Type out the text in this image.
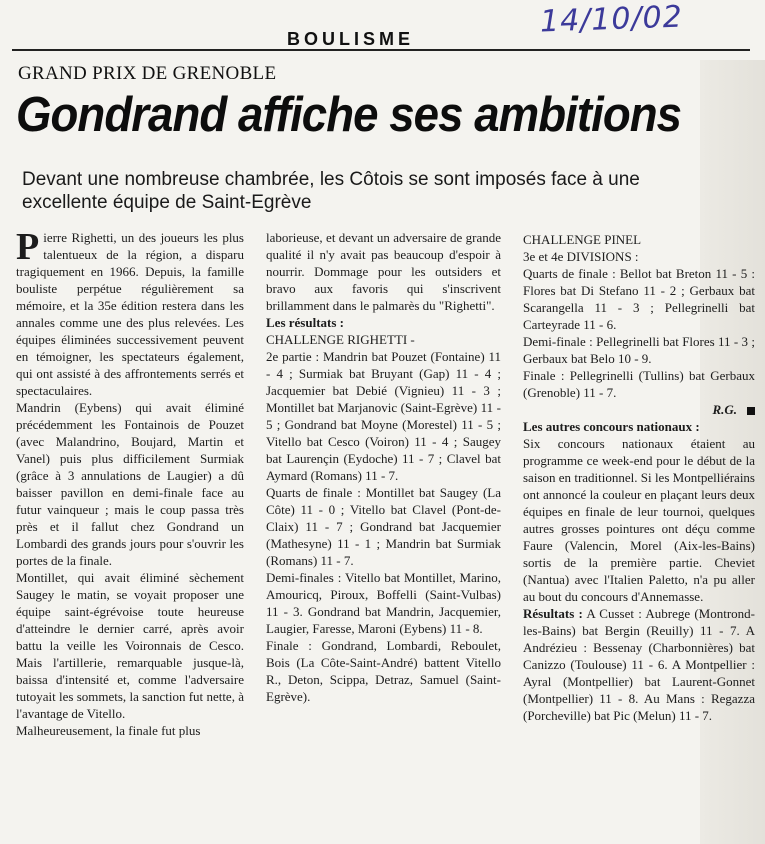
14/10/02
BOULISME
GRAND PRIX DE GRENOBLE
Gondrand affiche ses ambitions
Devant une nombreuse chambrée, les Côtois se sont imposés face à une excellente équipe de Saint-Egrève

Pierre Righetti, un des joueurs les plus talentueux de la région, a disparu tragiquement en 1966. Depuis, la famille bouliste perpétue régulièrement sa mémoire, et la 35e édition restera dans les annales comme une des plus relevées. Les équipes éliminées successivement peuvent en témoigner, les spectateurs également, qui ont assisté à des affrontements serrés et spectaculaires.

Mandrin (Eybens) qui avait éliminé précédemment les Fontainois de Pouzet (avec Malandrino, Boujard, Martin et Vanel) puis plus difficilement Surmiak (grâce à 3 annulations de Laugier) a dû baisser pavillon en demi-finale face au futur vainqueur ; mais le coup passa très près et il fallut chez Gondrand un Lombardi des grands jours pour s'ouvrir les portes de la finale.

Montillet, qui avait éliminé sèchement Saugey le matin, se voyait proposer une équipe saint-égrévoise toute heureuse d'atteindre le dernier carré, après avoir battu la veille les Voironnais de Cesco. Mais l'artillerie, remarquable jusque-là, baissa d'intensité et, comme l'adversaire tutoyait les sommets, la sanction fut nette, à l'avantage de Vitello.

Malheureusement, la finale fut plus

laborieuse, et devant un adversaire de grande qualité il n'y avait pas beaucoup d'espoir à nourrir. Dommage pour les outsiders et bravo aux favoris qui s'inscrivent brillamment dans le palmarès du "Righetti".

Les résultats :

CHALLENGE RIGHETTI -

2e partie : Mandrin bat Pouzet (Fontaine) 11 - 4 ; Surmiak bat Bruyant (Gap) 11 - 4 ; Jacquemier bat Debié (Vignieu) 11 - 3 ; Montillet bat Marjanovic (Saint-Egrève) 11 - 5 ; Gondrand bat Moyne (Morestel) 11 - 5 ; Vitello bat Cesco (Voiron) 11 - 4 ; Saugey bat Laurençin (Eydoche) 11 - 7 ; Clavel bat Aymard (Romans) 11 - 7.

Quarts de finale : Montillet bat Saugey (La Côte) 11 - 0 ; Vitello bat Clavel (Pont-de-Claix) 11 - 7 ; Gondrand bat Jacquemier (Mathesyne) 11 - 1 ; Mandrin bat Surmiak (Romans) 11 - 7.

Demi-finales : Vitello bat Montillet, Marino, Amouricq, Piroux, Boffelli (Saint-Vulbas) 11 - 3. Gondrand bat Mandrin, Jacquemier, Laugier, Faresse, Maroni (Eybens) 11 - 8.

Finale : Gondrand, Lombardi, Reboulet, Bois (La Côte-Saint-André) battent Vitello R., Deton, Scippa, Detraz, Samuel (Saint-Egrève).

CHALLENGE PINEL

3e et 4e DIVISIONS :

Quarts de finale : Bellot bat Breton 11 - 5 : Flores bat Di Stefano 11 - 2 ; Gerbaux bat Scarangella 11 - 3 ; Pellegrinelli bat Carteyrade 11 - 6.

Demi-finale : Pellegrinelli bat Flores 11 - 3 ; Gerbaux bat Belo 10 - 9.

Finale : Pellegrinelli (Tullins) bat Gerbaux (Grenoble) 11 - 7.

R.G.

Les autres concours nationaux :

Six concours nationaux étaient au programme ce week-end pour le début de la saison en traditionnel. Si les Montpelliérains ont annoncé la couleur en plaçant leurs deux équipes en finale de leur tournoi, quelques autres grosses pointures ont déçu comme Faure (Valencin, Morel (Aix-les-Bains) sortis de la première partie. Cheviet (Nantua) avec l'Italien Paletto, n'a pu aller au bout du concours d'Annemasse.

Résultats : A Cusset : Aubrege (Montrond-les-Bains) bat Bergin (Reuilly) 11 - 7. A Andrézieu : Bessenay (Charbonnières) bat Canizzo (Toulouse) 11 - 6. A Montpellier : Ayral (Montpellier) bat Laurent-Gonnet (Montpellier) 11 - 8. Au Mans : Regazza (Porcheville) bat Pic (Melun) 11 - 7.
